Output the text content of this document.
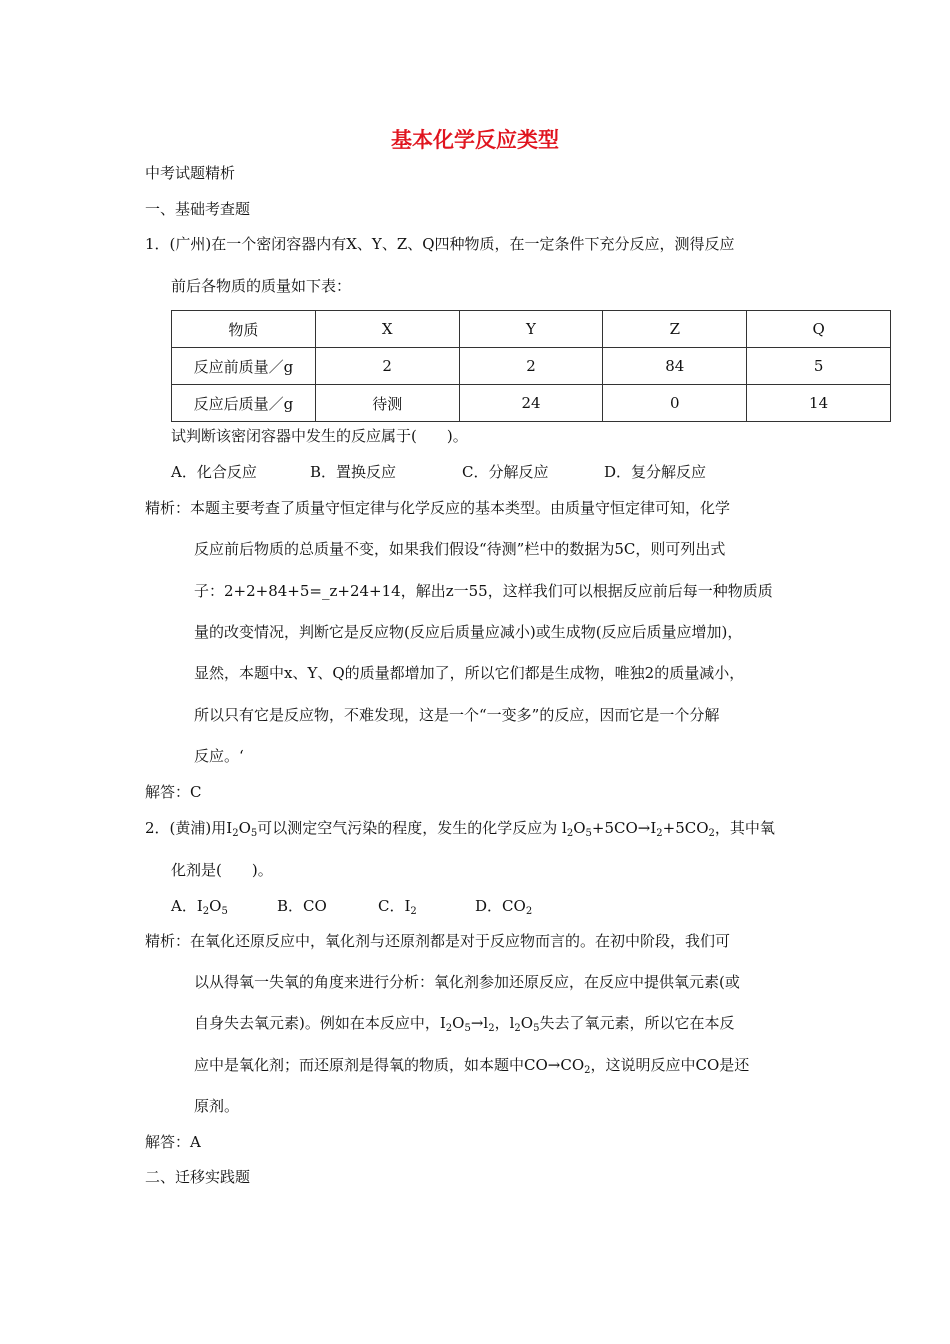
基本化学反应类型
中考试题精析
一、基础考查题
1．(广州)在一个密闭容器内有X、Y、Z、Q四种物质，在一定条件下充分反应，测得反应
前后各物质的质量如下表：
物质	X	Y	Z	Q
反应前质量／g	2	2	84	5
反应后质量／g	待测	24	0	14
试判断该密闭容器中发生的反应属于(　　)。
A．化合反应	B．置换反应	C．分解反应	D．复分解反应
精析：本题主要考查了质量守恒定律与化学反应的基本类型。由质量守恒定律可知，化学
反应前后物质的总质量不变，如果我们假设“待测”栏中的数据为5C，则可列出式
子：2+2+84+5=_z+24+14，解出z一55，这样我们可以根据反应前后每一种物质质
量的改变情况，判断它是反应物(反应后质量应减小)或生成物(反应后质量应增加)，
显然，本题中x、Y、Q的质量都增加了，所以它们都是生成物，唯独2的质量减小，
所以只有它是反应物，不难发现，这是一个“一变多”的反应，因而它是一个分解
反应。‘
解答：C
2．(黄浦)用$I_2O_5$可以测定空气污染的程度，发生的化学反应为 $l_2O_5+5CO\to I_2+5CO_2$，其中氧
化剂是(　　)。
A．$I_2O_5$	B．CO	C．$I_2$	D．$CO_2$
精析：在氧化还原反应中，氧化剂与还原剂都是对于反应物而言的。在初中阶段，我们可
以从得氧一失氧的角度来进行分析：氧化剂参加还原反应，在反应中提供氧元素(或
自身失去氧元素)。例如在本反应中，$I_2O_5\to l_2$，$l_2O_5$失去了氧元素，所以它在本反
应中是氧化剂；而还原剂是得氧的物质，如本题中$CO\to CO_2$，这说明反应中CO是还
原剂。
解答：A
二、迁移实践题
